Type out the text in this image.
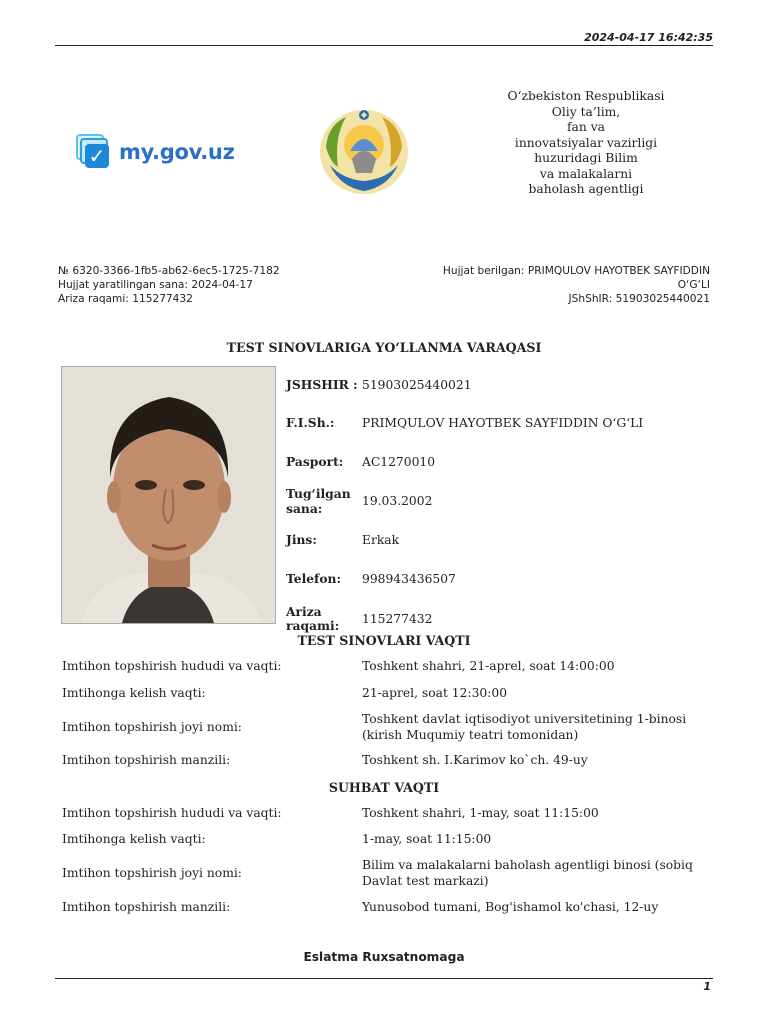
2024-04-17 16:42:35
✓ my.gov.uz
O‘zbekiston Respublikasi
Oliy ta’lim,
fan va
innovatsiyalar vazirligi
huzuridagi Bilim
va malakalarni
baholash agentligi
№ 6320-3366-1fb5-ab62-6ec5-1725-7182
Hujjat yaratilingan sana: 2024-04-17
Ariza raqami: 115277432
Hujjat berilgan: PRIMQULOV HAYOTBEK SAYFIDDIN
O‘G‘LI
JShShIR: 51903025440021
TEST SINOVLARIGA YO‘LLANMA VARAQASI
JSHSHIR : 51903025440021
F.I.Sh.:	PRIMQULOV HAYOTBEK SAYFIDDIN O‘G‘LI
Pasport:	AC1270010
Tug‘ilgan sana:	19.03.2002
Jins:	Erkak
Telefon:	998943436507
Ariza raqami:	115277432
TEST SINOVLARI VAQTI
Imtihon topshirish hududi va vaqti:	Toshkent shahri, 21-aprel, soat 14:00:00
Imtihonga kelish vaqti:	21-aprel, soat 12:30:00
Imtihon topshirish joyi nomi:
Toshkent davlat iqtisodiyot universitetining 1-binosi (kirish Muqumiy teatri tomonidan)
Imtihon topshirish manzili:	Toshkent sh. I.Karimov ko`ch. 49-uy
SUHBAT VAQTI
Imtihon topshirish hududi va vaqti:	Toshkent shahri, 1-may, soat 11:15:00
Imtihonga kelish vaqti:	1-may, soat 11:15:00
Imtihon topshirish joyi nomi:
Bilim va malakalarni baholash agentligi binosi (sobiq Davlat test markazi)
Imtihon topshirish manzili:	Yunusobod tumani, Bog'ishamol ko'chasi, 12-uy
Eslatma Ruxsatnomaga
1
